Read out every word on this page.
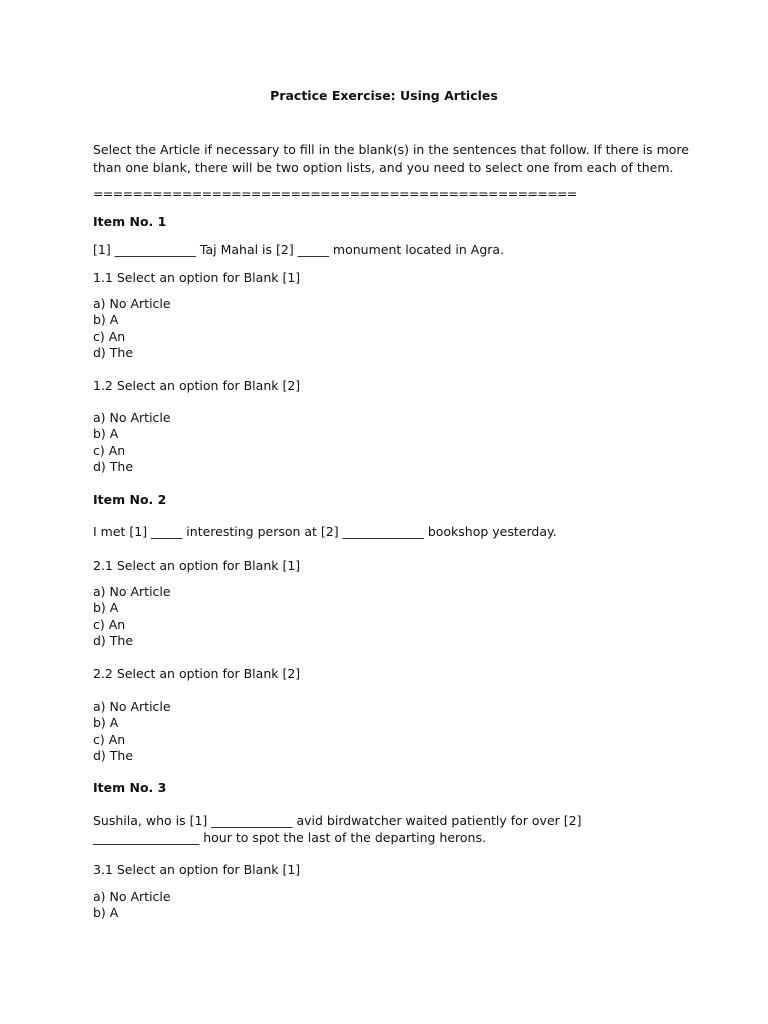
Practice Exercise: Using Articles
Select the Article if necessary to fill in the blank(s) in the sentences that follow. If there is more
than one blank, there will be two option lists, and you need to select one from each of them.
=================================================
Item No. 1
[1] _____________ Taj Mahal is [2] _____ monument located in Agra.
1.1 Select an option for Blank [1]
a) No Article
b) A
c) An
d) The
1.2 Select an option for Blank [2]
a) No Article
b) A
c) An
d) The
Item No. 2
I met [1] _____ interesting person at [2] _____________ bookshop yesterday.
2.1 Select an option for Blank [1]
a) No Article
b) A
c) An
d) The
2.2 Select an option for Blank [2]
a) No Article
b) A
c) An
d) The
Item No. 3
Sushila, who is [1] _____________ avid birdwatcher waited patiently for over [2]
_________________ hour to spot the last of the departing herons.
3.1 Select an option for Blank [1]
a) No Article
b) A
